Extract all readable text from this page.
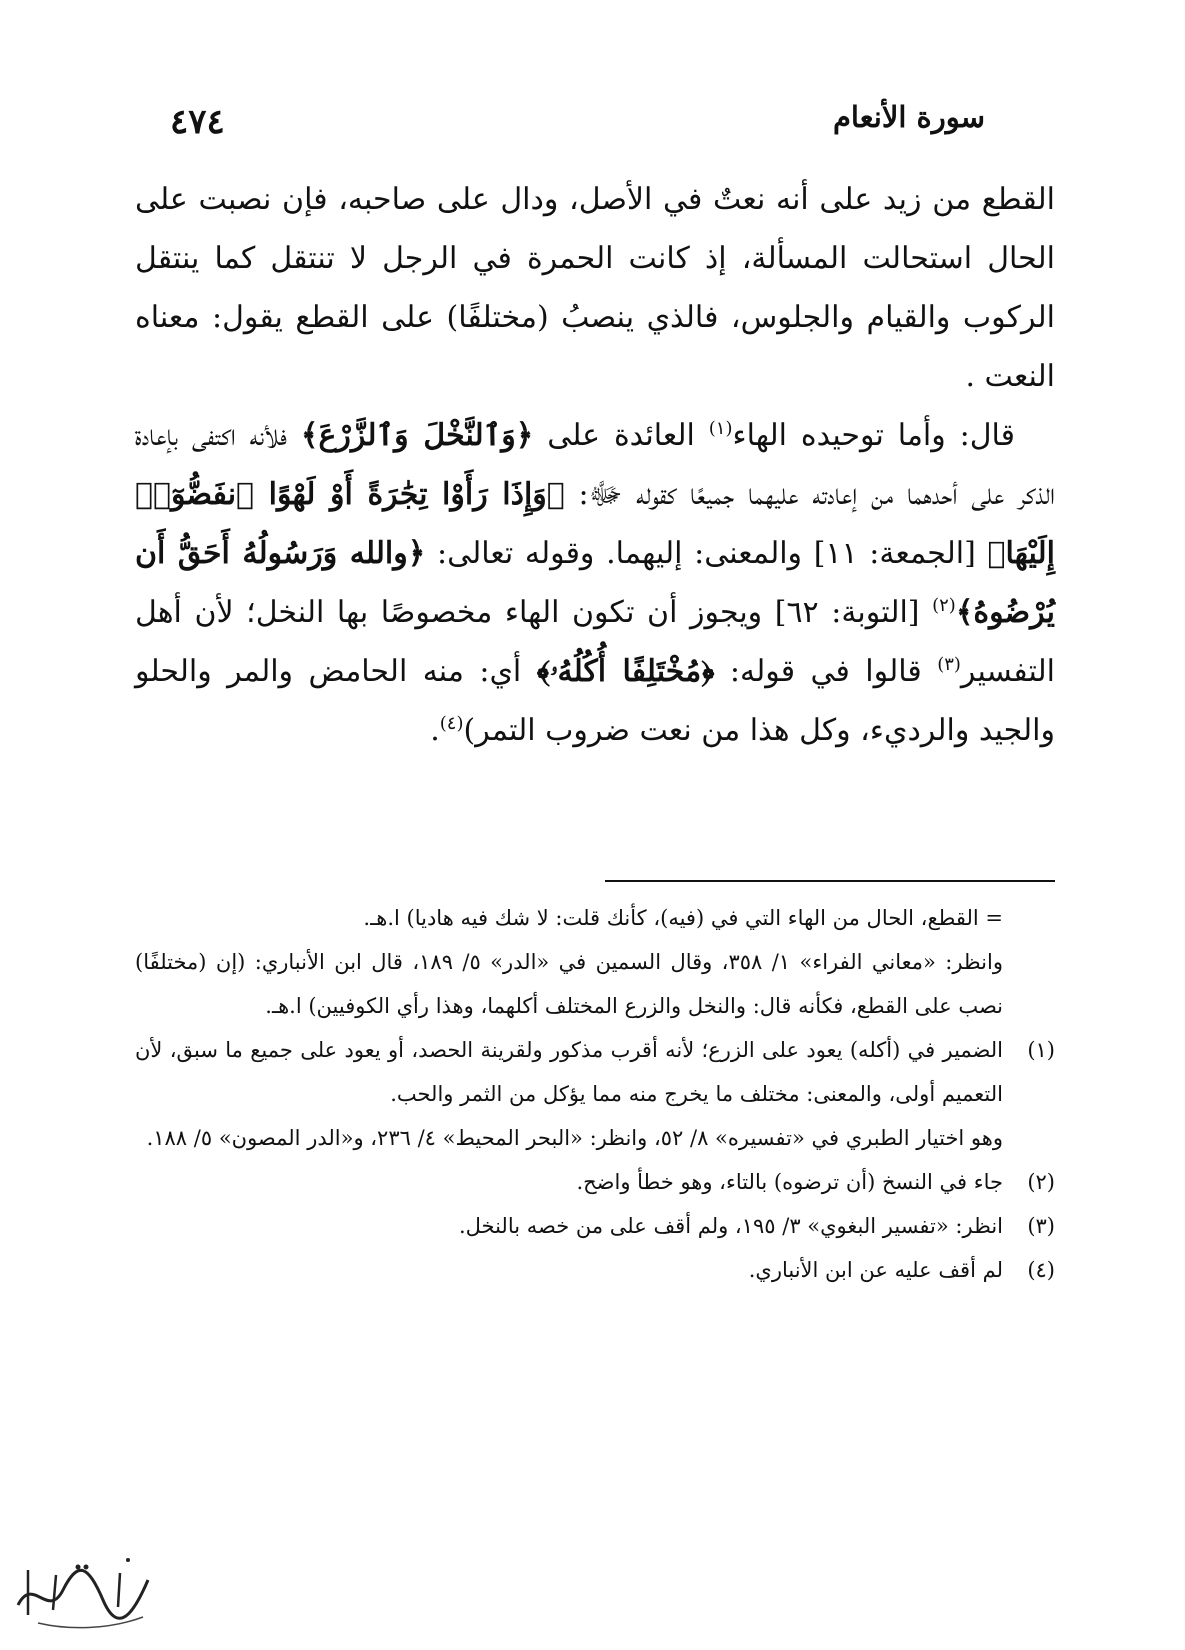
سورة الأنعام
٤٧٤

القطع من زيد على أنه نعتٌ في الأصل، ودال على صاحبه، فإن نصبت على الحال استحالت المسألة، إذ كانت الحمرة في الرجل لا تنتقل كما ينتقل الركوب والقيام والجلوس، فالذي ينصبُ (مختلفًا) على القطع يقول: معناه النعت .

قال: وأما توحيده الهاء$^{(١)}$ العائدة على ﴿وَٱلنَّخْلَ وَٱلزَّرْعَ﴾ فلأنه اكتفى بإعادة الذكر على أحدهما من إعادته عليهما جميعًا كقوله ﷻ: ﴿وَإِذَا رَأَوْا تِجَٰرَةً أَوْ لَهْوًا ٱنفَضُّوٓا۟ إِلَيْهَا﴾ [الجمعة: ١١] والمعنى: إليهما. وقوله تعالى: ﴿والله وَرَسُولُهُ أَحَقُّ أَن يُرْضُوهُ﴾$^{(٢)}$ [التوبة: ٦٢] ويجوز أن تكون الهاء مخصوصًا بها النخل؛ لأن أهل التفسير$^{(٣)}$ قالوا في قوله: ﴿مُخْتَلِفًا أُكُلُهُۥ﴾ أي: منه الحامض والمر والحلو والجيد والرديء، وكل هذا من نعت ضروب التمر)$^{(٤)}$.

= القطع، الحال من الهاء التي في (فيه)، كأنك قلت: لا شك فيه هاديا) ا.هـ.

وانظر: «معاني الفراء» ١/ ٣٥٨، وقال السمين في «الدر» ٥/ ١٨٩، قال ابن الأنباري: (إن (مختلفًا) نصب على القطع، فكأنه قال: والنخل والزرع المختلف أكلهما، وهذا رأي الكوفيين) ا.هـ.

(١)

الضمير في (أكله) يعود على الزرع؛ لأنه أقرب مذكور ولقرينة الحصد، أو يعود على جميع ما سبق، لأن التعميم أولى، والمعنى: مختلف ما يخرج منه مما يؤكل من الثمر والحب.

وهو اختيار الطبري في «تفسيره» ٨/ ٥٢، وانظر: «البحر المحيط» ٤/ ٢٣٦، و«الدر المصون» ٥/ ١٨٨.

(٢)

جاء في النسخ (أن ترضوه) بالتاء، وهو خطأ واضح.

(٣)

انظر: «تفسير البغوي» ٣/ ١٩٥، ولم أقف على من خصه بالنخل.

(٤)

لم أقف عليه عن ابن الأنباري.
